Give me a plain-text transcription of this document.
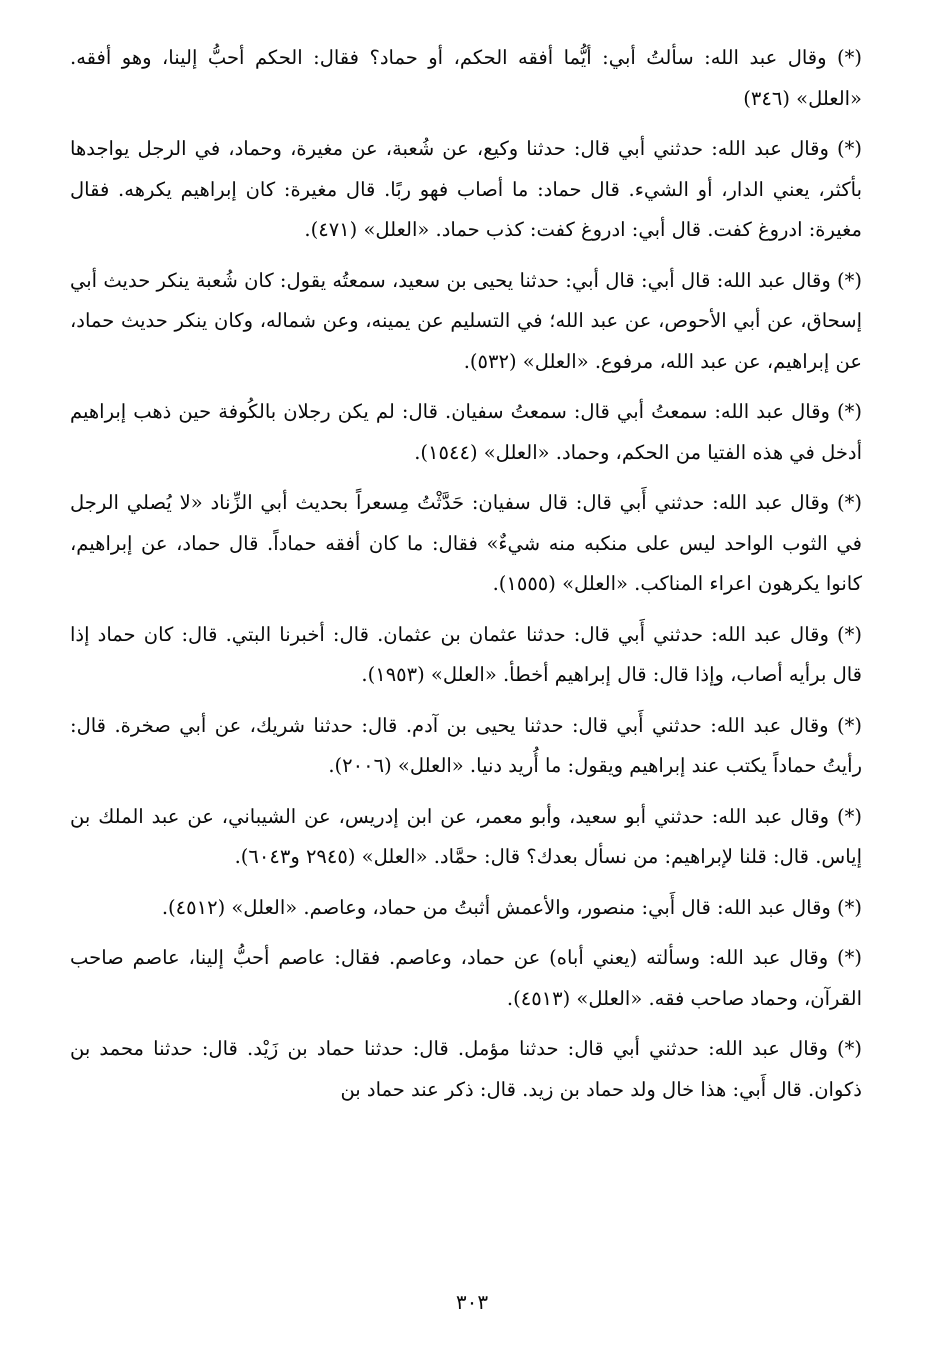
(*) وقال عبد الله: سألتُ أبي: أيُّما أفقه الحكم، أو حماد؟ فقال: الحكم أحبُّ إلينا، وهو أفقه. «العلل» (٣٤٦)

(*) وقال عبد الله: حدثني أبي قال: حدثنا وكيع، عن شُعبة، عن مغيرة، وحماد، في الرجل يواجدها بأكثر، يعني الدار، أو الشيء. قال حماد: ما أصاب فهو ربًا. قال مغيرة: كان إبراهيم يكرهه. فقال مغيرة: ادروغ كفت. قال أبي: ادروغ كفت: كذب حماد. «العلل» (٤٧١).

(*) وقال عبد الله: قال أبي: قال أبي: حدثنا يحيى بن سعيد، سمعتُه يقول: كان شُعبة ينكر حديث أبي إسحاق، عن أبي الأحوص، عن عبد الله؛ في التسليم عن يمينه، وعن شماله، وكان ينكر حديث حماد، عن إبراهيم، عن عبد الله، مرفوع. «العلل» (٥٣٢).

(*) وقال عبد الله: سمعتُ أبي قال: سمعتُ سفيان. قال: لم يكن رجلان بالكُوفة حين ذهب إبراهيم أدخل في هذه الفتيا من الحكم، وحماد. «العلل» (١٥٤٤).

(*) وقال عبد الله: حدثني أَبي قال: قال سفيان: حَدَّثْتُ مِسعراً بحديث أبي الزِّناد «لا يُصلي الرجل في الثوب الواحد ليس على منكبه منه شيءٌ» فقال: ما كان أفقه حماداً. قال حماد، عن إبراهيم، كانوا يكرهون اعراء المناكب. «العلل» (١٥٥٥).

(*) وقال عبد الله: حدثني أَبي قال: حدثنا عثمان بن عثمان. قال: أخبرنا البتي. قال: كان حماد إذا قال برأيه أصاب، وإذا قال: قال إبراهيم أخطأ. «العلل» (١٩٥٣).

(*) وقال عبد الله: حدثني أَبي قال: حدثنا يحيى بن آدم. قال: حدثنا شريك، عن أبي صخرة. قال: رأيتُ حماداً يكتب عند إبراهيم ويقول: ما أُريد دنيا. «العلل» (٢٠٠٦).

(*) وقال عبد الله: حدثني أبو سعيد، وأبو معمر، عن ابن إدريس، عن الشيباني، عن عبد الملك بن إياس. قال: قلنا لإبراهيم: من نسأل بعدك؟ قال: حمَّاد. «العلل» (٢٩٤٥ و٦٠٤٣).

(*) وقال عبد الله: قال أَبي: منصور، والأعمش أثبتُ من حماد، وعاصم. «العلل» (٤٥١٢).

(*) وقال عبد الله: وسألته (يعني أباه) عن حماد، وعاصم. فقال: عاصم أحبُّ إلينا، عاصم صاحب القرآن، وحماد صاحب فقه. «العلل» (٤٥١٣).

(*) وقال عبد الله: حدثني أبي قال: حدثنا مؤمل. قال: حدثنا حماد بن زَيْد. قال: حدثنا محمد بن ذكوان. قال أَبي: هذا خال ولد حماد بن زيد. قال: ذكر عند حماد بن

٣٠٣
